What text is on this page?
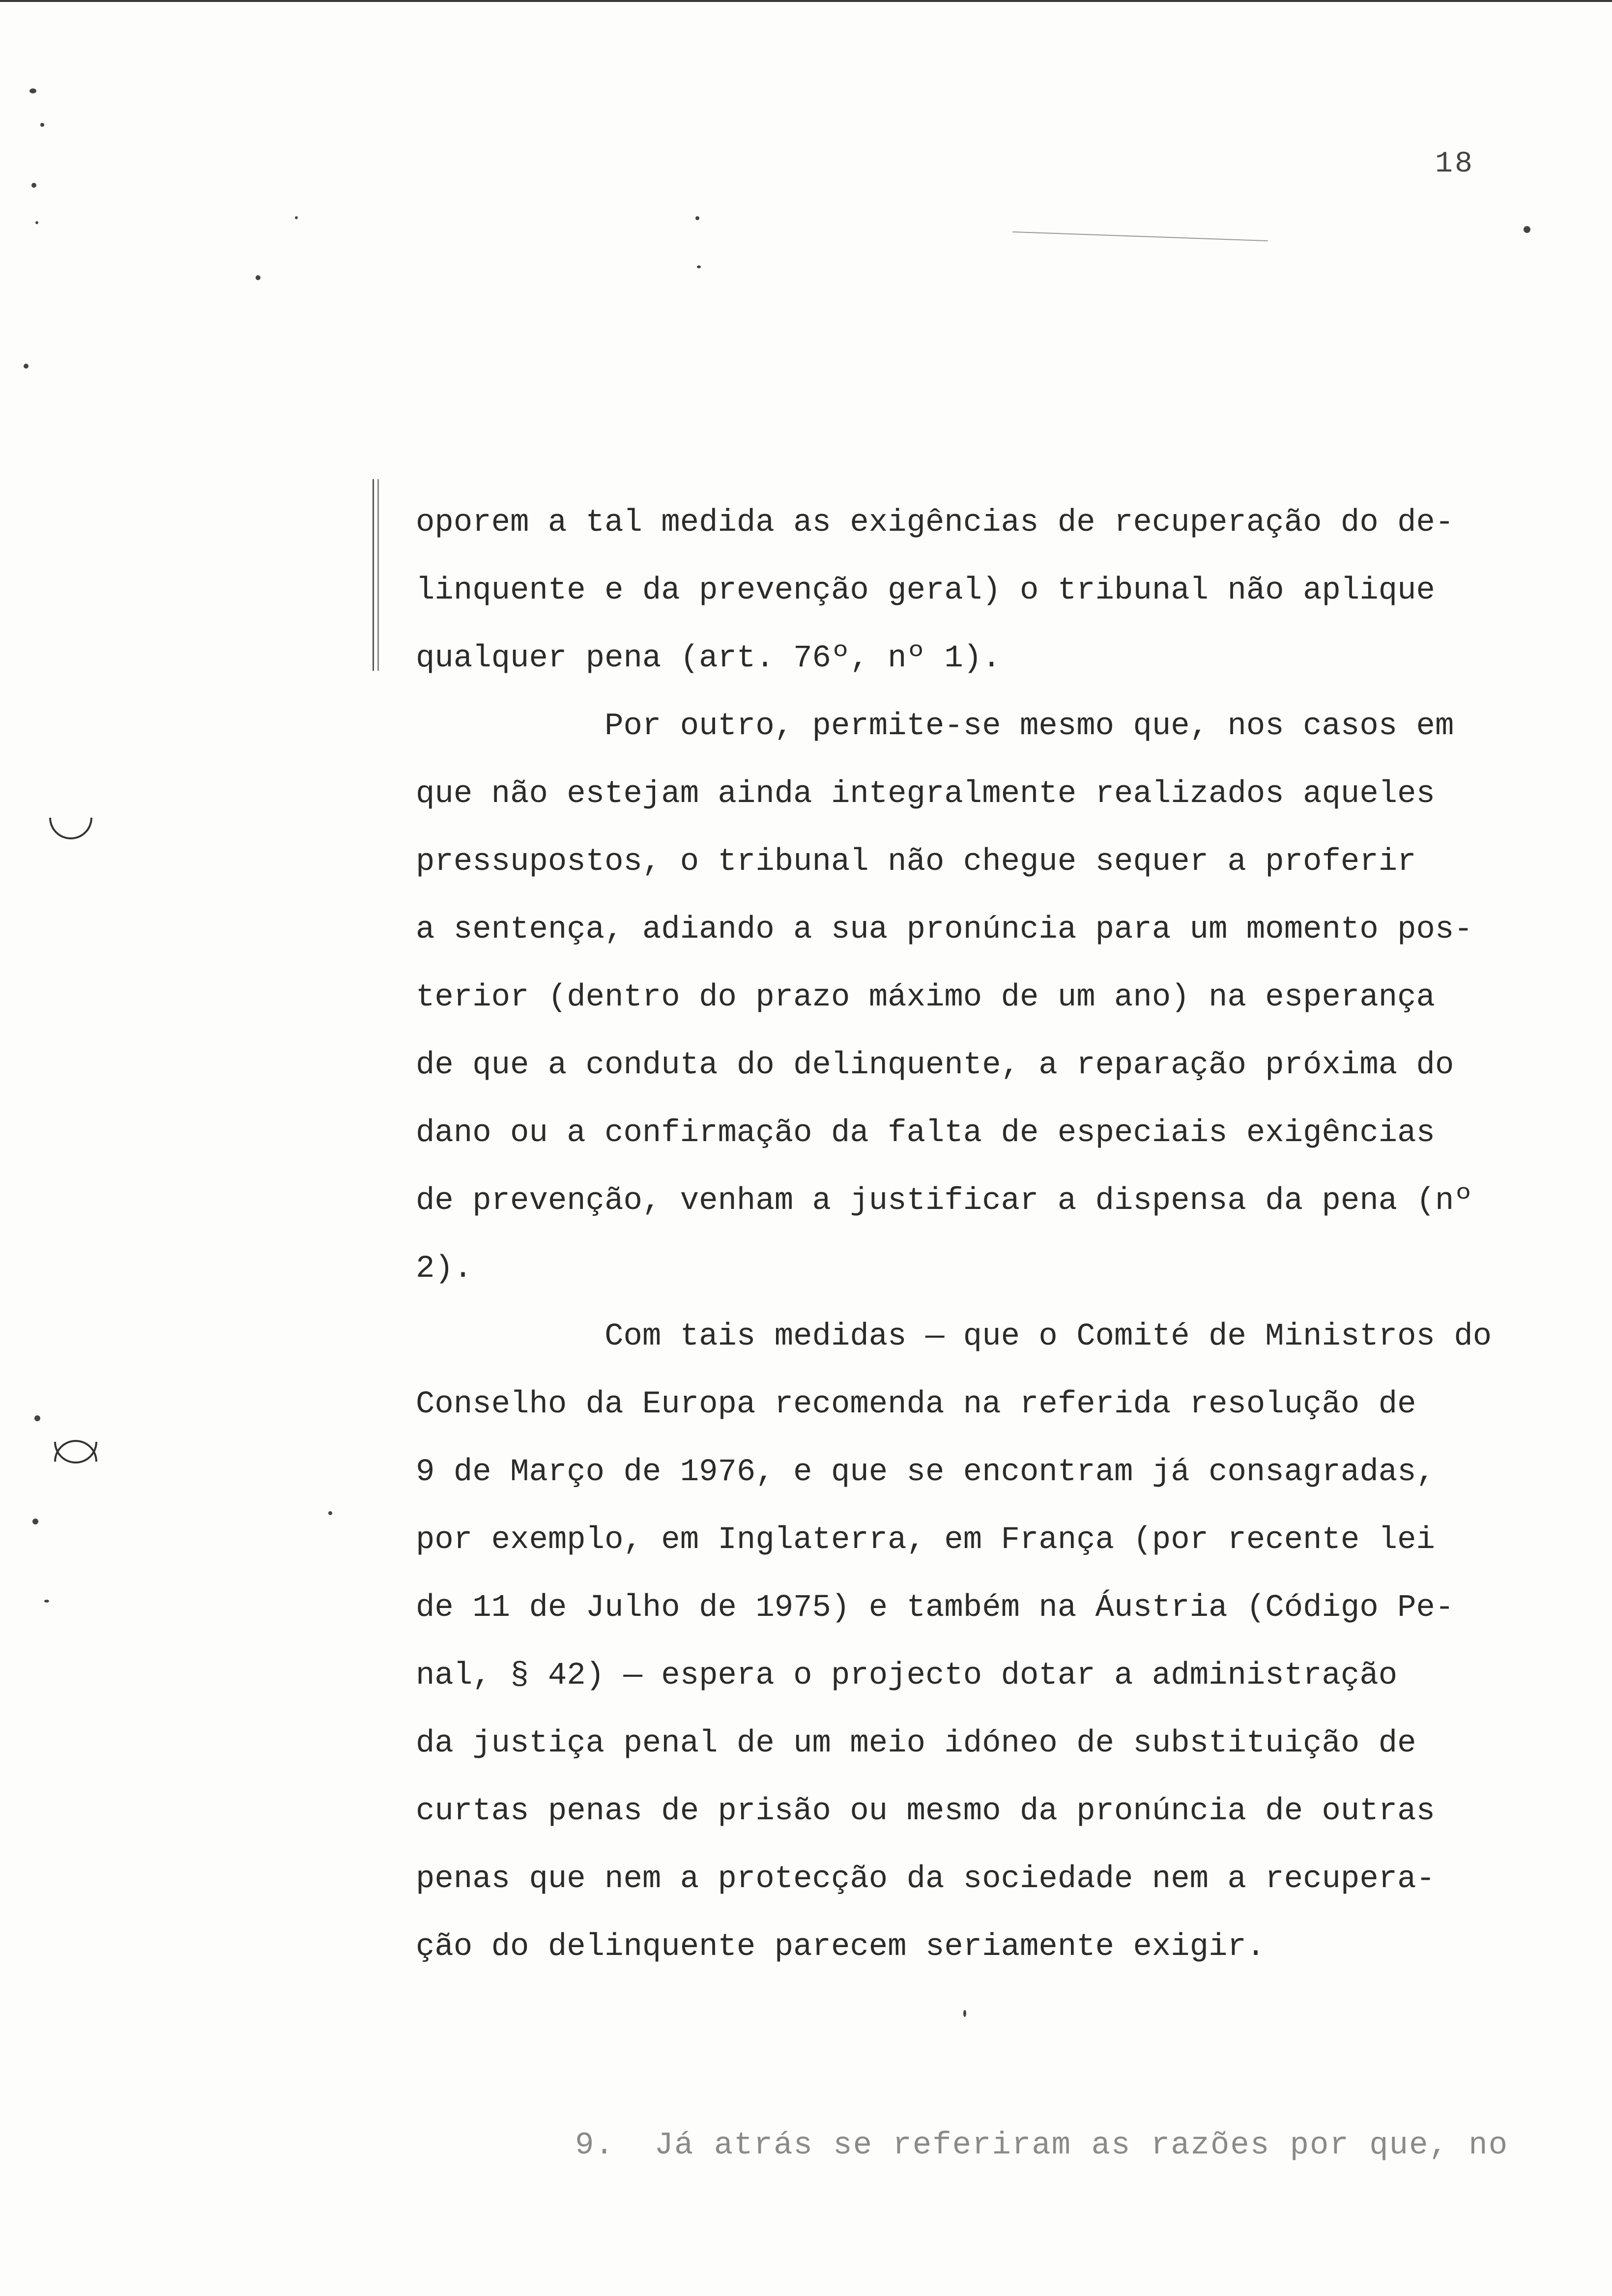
18
oporem a tal medida as exigências de recuperação do de-
linquente e da prevenção geral) o tribunal não aplique
qualquer pena (art. 76º, nº 1).
Por outro, permite-se mesmo que, nos casos em
que não estejam ainda integralmente realizados aqueles
pressupostos, o tribunal não chegue sequer a proferir
a sentença, adiando a sua pronúncia para um momento pos-
terior (dentro do prazo máximo de um ano) na esperança
de que a conduta do delinquente, a reparação próxima do
dano ou a confirmação da falta de especiais exigências
de prevenção, venham a justificar a dispensa da pena (nº
2).
Com tais medidas — que o Comité de Ministros do
Conselho da Europa recomenda na referida resolução de
9 de Março de 1976, e que se encontram já consagradas,
por exemplo, em Inglaterra, em França (por recente lei
de 11 de Julho de 1975) e também na Áustria (Código Pe-
nal, § 42) — espera o projecto dotar a administração
da justiça penal de um meio idóneo de substituição de
curtas penas de prisão ou mesmo da pronúncia de outras
penas que nem a protecção da sociedade nem a recupera-
ção do delinquente parecem seriamente exigir.
9.  Já atrás se referiram as razões por que, no
